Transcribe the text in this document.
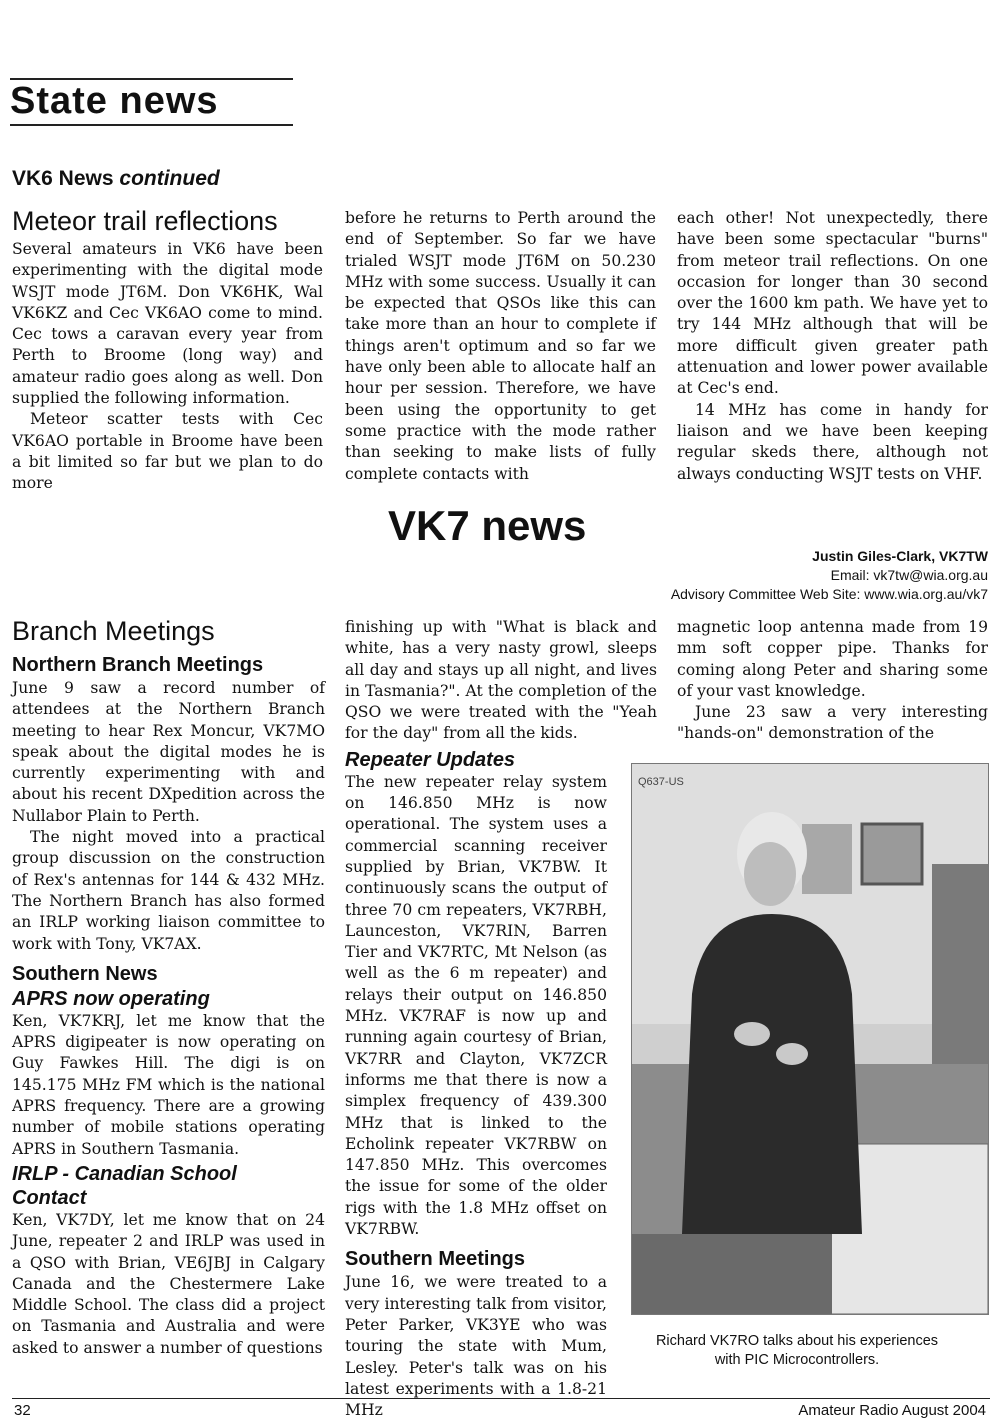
State news
VK6 News continued
Meteor trail reflections

Several amateurs in VK6 have been experimenting with the digital mode WSJT mode JT6M. Don VK6HK, Wal VK6KZ and Cec VK6AO come to mind. Cec tows a caravan every year from Perth to Broome (long way) and amateur radio goes along as well. Don supplied the following information.

Meteor scatter tests with Cec VK6AO portable in Broome have been a bit limited so far but we plan to do more

before he returns to Perth around the end of September. So far we have trialed WSJT mode JT6M on 50.230 MHz with some success. Usually it can be expected that QSOs like this can take more than an hour to complete if things aren't optimum and so far we have only been able to allocate half an hour per session. Therefore, we have been using the opportunity to get some practice with the mode rather than seeking to make lists of fully complete contacts with

each other! Not unexpectedly, there have been some spectacular "burns" from meteor trail reflections. On one occasion for longer than 30 second over the 1600 km path. We have yet to try 144 MHz although that will be more difficult given greater path attenuation and lower power available at Cec's end.

14 MHz has come in handy for liaison and we have been keeping regular skeds there, although not always conducting WSJT tests on VHF.

VK7 news
Justin Giles-Clark, VK7TW
Email: vk7tw@wia.org.au
Advisory Committee Web Site: www.wia.org.au/vk7
Branch Meetings
Northern Branch Meetings

June 9 saw a record number of attendees at the Northern Branch meeting to hear Rex Moncur, VK7MO speak about the digital modes he is currently experimenting with and about his recent DXpedition across the Nullabor Plain to Perth.

The night moved into a practical group discussion on the construction of Rex's antennas for 144 & 432 MHz. The Northern Branch has also formed an IRLP working liaison committee to work with Tony, VK7AX.

Southern News
APRS now operating

Ken, VK7KRJ, let me know that the APRS digipeater is now operating on Guy Fawkes Hill. The digi is on 145.175 MHz FM which is the national APRS frequency. There are a growing number of mobile stations operating APRS in Southern Tasmania.

IRLP - Canadian School Contact

Ken, VK7DY, let me know that on 24 June, repeater 2 and IRLP was used in a QSO with Brian, VE6JBJ in Calgary Canada and the Chestermere Lake Middle School. The class did a project on Tasmania and Australia and were asked to answer a number of questions

finishing up with "What is black and white, has a very nasty growl, sleeps all day and stays up all night, and lives in Tasmania?". At the completion of the QSO we were treated with the "Yeah for the day" from all the kids.

Repeater Updates

The new repeater relay system on 146.850 MHz is now operational. The system uses a commercial scanning receiver supplied by Brian, VK7BW. It continuously scans the output of three 70 cm repeaters, VK7RBH, Launceston, VK7RIN, Barren Tier and VK7RTC, Mt Nelson (as well as the 6 m repeater) and relays their output on 146.850 MHz. VK7RAF is now up and running again courtesy of Brian, VK7RR and Clayton, VK7ZCR informs me that there is now a simplex frequency of 439.300 MHz that is linked to the Echolink repeater VK7RBW on 147.850 MHz. This overcomes the issue for some of the older rigs with the 1.8 MHz offset on VK7RBW.

Southern Meetings

June 16, we were treated to a very interesting talk from visitor, Peter Parker, VK3YE who was touring the state with Mum, Lesley. Peter's talk was on his latest experiments with a 1.8-21 MHz

magnetic loop antenna made from 19 mm soft copper pipe. Thanks for coming along Peter and sharing some of your vast knowledge.

June 23 saw a very interesting "hands-on" demonstration of the

Q637-US
Richard VK7RO talks about his experiences
with PIC Microcontrollers.
32	Amateur Radio August 2004
